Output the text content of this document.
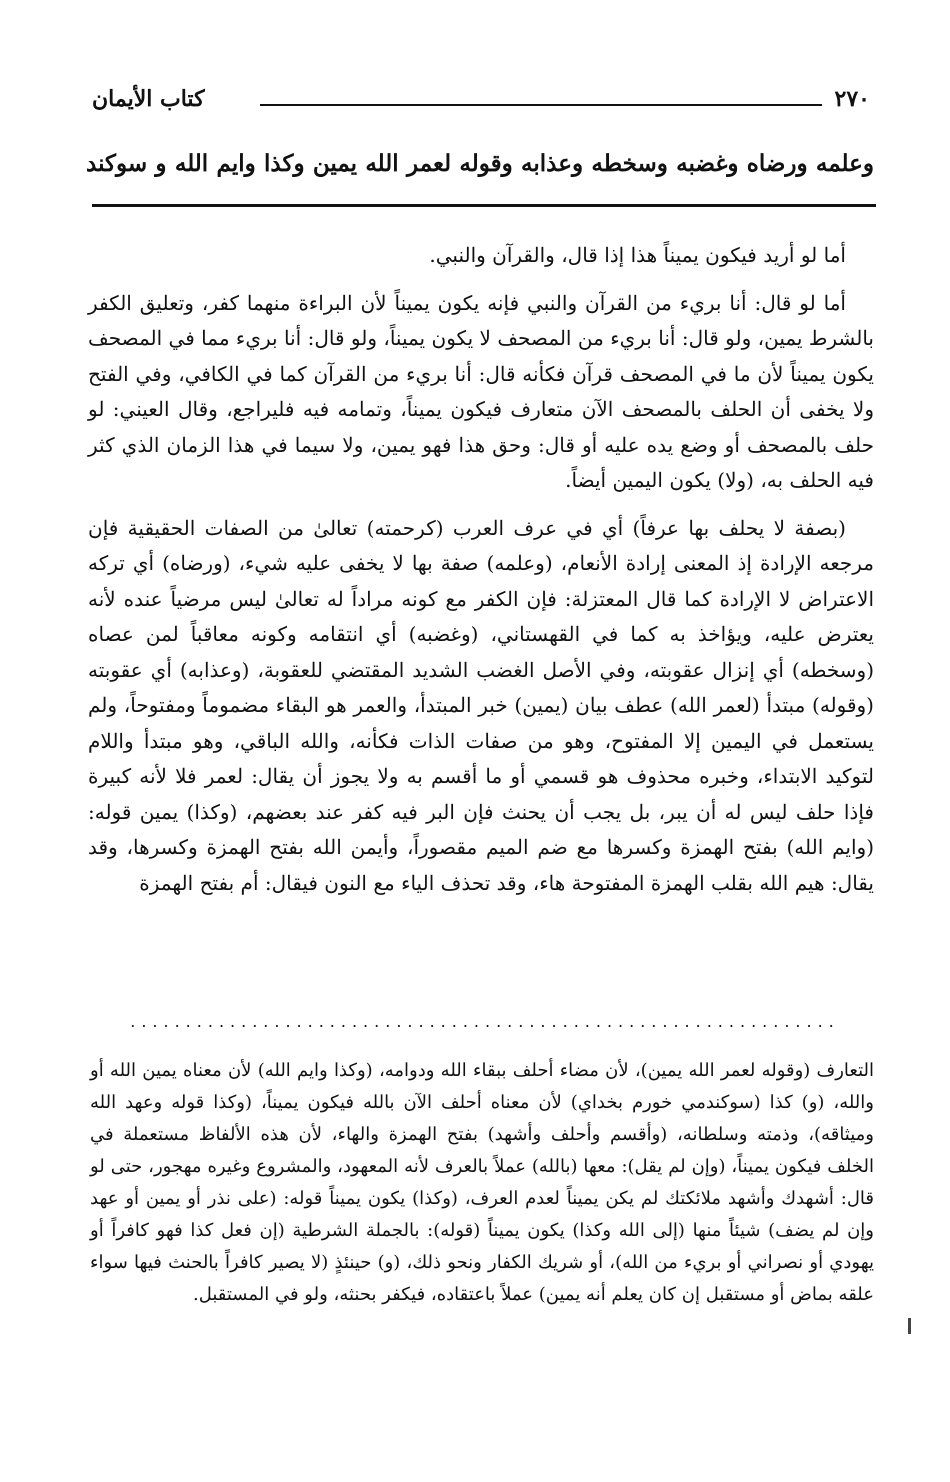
٢٧٠
كتاب الأيمان
وعلمه ورضاه وغضبه وسخطه وعذابه وقوله لعمر الله يمين وكذا وايم الله و سوكند

أما لو أريد فيكون يميناً هذا إذا قال، والقرآن والنبي.

أما لو قال: أنا بريء من القرآن والنبي فإنه يكون يميناً لأن البراءة منهما كفر، وتعليق الكفر بالشرط يمين، ولو قال: أنا بريء من المصحف لا يكون يميناً، ولو قال: أنا بريء مما في المصحف يكون يميناً لأن ما في المصحف قرآن فكأنه قال: أنا بريء من القرآن كما في الكافي، وفي الفتح ولا يخفى أن الحلف بالمصحف الآن متعارف فيكون يميناً، وتمامه فيه فليراجع، وقال العيني: لو حلف بالمصحف أو وضع يده عليه أو قال: وحق هذا فهو يمين، ولا سيما في هذا الزمان الذي كثر فيه الحلف به، (ولا) يكون اليمين أيضاً.

(بصفة لا يحلف بها عرفاً) أي في عرف العرب (كرحمته) تعالىٰ من الصفات الحقيقية فإن مرجعه الإرادة إذ المعنى إرادة الأنعام، (وعلمه) صفة بها لا يخفى عليه شيء، (ورضاه) أي تركه الاعتراض لا الإرادة كما قال المعتزلة: فإن الكفر مع كونه مراداً له تعالىٰ ليس مرضياً عنده لأنه يعترض عليه، ويؤاخذ به كما في القهستاني، (وغضبه) أي انتقامه وكونه معاقباً لمن عصاه (وسخطه) أي إنزال عقوبته، وفي الأصل الغضب الشديد المقتضي للعقوبة، (وعذابه) أي عقوبته (وقوله) مبتدأ (لعمر الله) عطف بيان (يمين) خبر المبتدأ، والعمر هو البقاء مضموماً ومفتوحاً، ولم يستعمل في اليمين إلا المفتوح، وهو من صفات الذات فكأنه، والله الباقي، وهو مبتدأ واللام لتوكيد الابتداء، وخبره محذوف هو قسمي أو ما أقسم به ولا يجوز أن يقال: لعمر فلا لأنه كبيرة فإذا حلف ليس له أن يبر، بل يجب أن يحنث فإن البر فيه كفر عند بعضهم، (وكذا) يمين قوله: (وايم الله) بفتح الهمزة وكسرها مع ضم الميم مقصوراً، وأيمن الله بفتح الهمزة وكسرها، وقد يقال: هيم الله بقلب الهمزة المفتوحة هاء، وقد تحذف الياء مع النون فيقال: أم بفتح الهمزة

................................................................

التعارف (وقوله لعمر الله يمين)، لأن مضاء أحلف ببقاء الله ودوامه، (وكذا وايم الله) لأن معناه يمين الله أو والله، (و) كذا (سوكندمي خورم بخداي) لأن معناه أحلف الآن بالله فيكون يميناً، (وكذا قوله وعهد الله وميثاقه)، وذمته وسلطانه، (وأقسم وأحلف وأشهد) بفتح الهمزة والهاء، لأن هذه الألفاظ مستعملة في الخلف فيكون يميناً، (وإن لم يقل): معها (بالله) عملاً بالعرف لأنه المعهود، والمشروع وغيره مهجور، حتى لو قال: أشهدك وأشهد ملائكتك لم يكن يميناً لعدم العرف، (وكذا) يكون يميناً قوله: (على نذر أو يمين أو عهد وإن لم يضف) شيئاً منها (إلى الله وكذا) يكون يميناً (قوله): بالجملة الشرطية (إن فعل كذا فهو كافراً أو يهودي أو نصراني أو بريء من الله)، أو شريك الكفار ونحو ذلك، (و) حينئذٍ (لا يصير كافراً بالحنث فيها سواء علقه بماض أو مستقبل إن كان يعلم أنه يمين) عملاً باعتقاده، فيكفر بحنثه، ولو في المستقبل.
